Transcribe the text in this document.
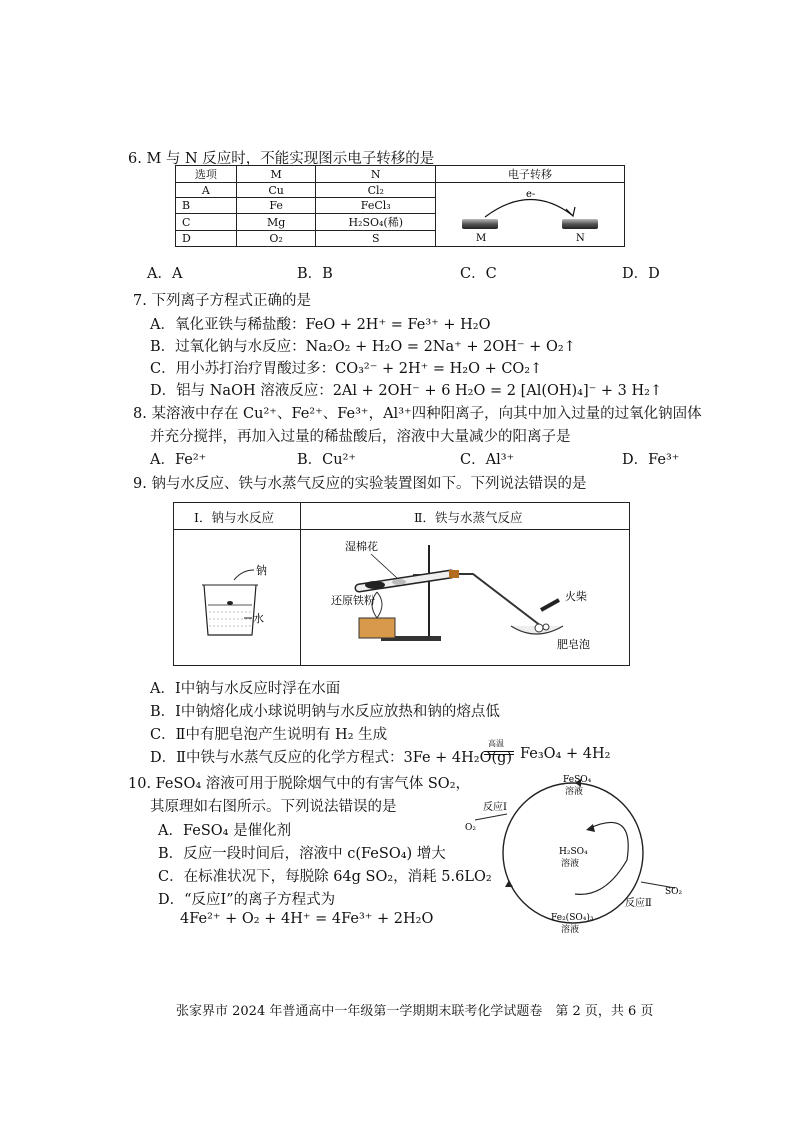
6. M 与 N 反应时，不能实现图示电子转移的是
选项	M	N	电子转移
A	Cu	Cl₂	e-
M N

B	Fe	FeCl₃	
C	Mg	H₂SO₄(稀)	
D	O₂	S	
A．A	B．B	C．C	D．D
7. 下列离子方程式正确的是
A．氧化亚铁与稀盐酸：FeO + 2H⁺ = Fe³⁺ + H₂O
B．过氧化钠与水反应：Na₂O₂ + H₂O = 2Na⁺ + 2OH⁻ + O₂↑
C．用小苏打治疗胃酸过多：CO₃²⁻ + 2H⁺ = H₂O + CO₂↑
D．铝与 NaOH 溶液反应：2Al + 2OH⁻ + 6 H₂O = 2 [Al(OH)₄]⁻ + 3 H₂↑
8. 某溶液中存在 Cu²⁺、Fe²⁺、Fe³⁺，Al³⁺四种阳离子，向其中加入过量的过氧化钠固体
并充分搅拌，再加入过量的稀盐酸后，溶液中大量减少的阳离子是
A．Fe²⁺	B．Cu²⁺	C．Al³⁺	D．Fe³⁺
9. 钠与水反应、铁与水蒸气反应的实验装置图如下。下列说法错误的是
Ⅰ．钠与水反应	Ⅱ．铁与水蒸气反应
钠
水
火柴
肥皂泡
湿棉花
还原铁粉
A．Ⅰ中钠与水反应时浮在水面
B．Ⅰ中钠熔化成小球说明钠与水反应放热和钠的熔点低
C．Ⅱ中有肥皂泡产生说明有 H₂ 生成
D．Ⅱ中铁与水蒸气反应的化学方程式：3Fe + 4H₂O(g)
高温
Fe₃O₄ + 4H₂
10. FeSO₄ 溶液可用于脱除烟气中的有害气体 SO₂，
其原理如右图所示。下列说法错误的是
A．FeSO₄ 是催化剂
B．反应一段时间后，溶液中 c(FeSO₄) 增大
C．在标准状况下，每脱除 64g SO₂，消耗 5.6LO₂
D．“反应Ⅰ”的离子方程式为
4Fe²⁺ + O₂ + 4H⁺ = 4Fe³⁺ + 2H₂O
FeSO₄
溶液
H₂SO₄
溶液
Fe₂(SO₄)₃
溶液
反应Ⅰ
反应Ⅱ
O₂
SO₂
张家界市 2024 年普通高中一年级第一学期期末联考化学试题卷　第 2 页，共 6 页
